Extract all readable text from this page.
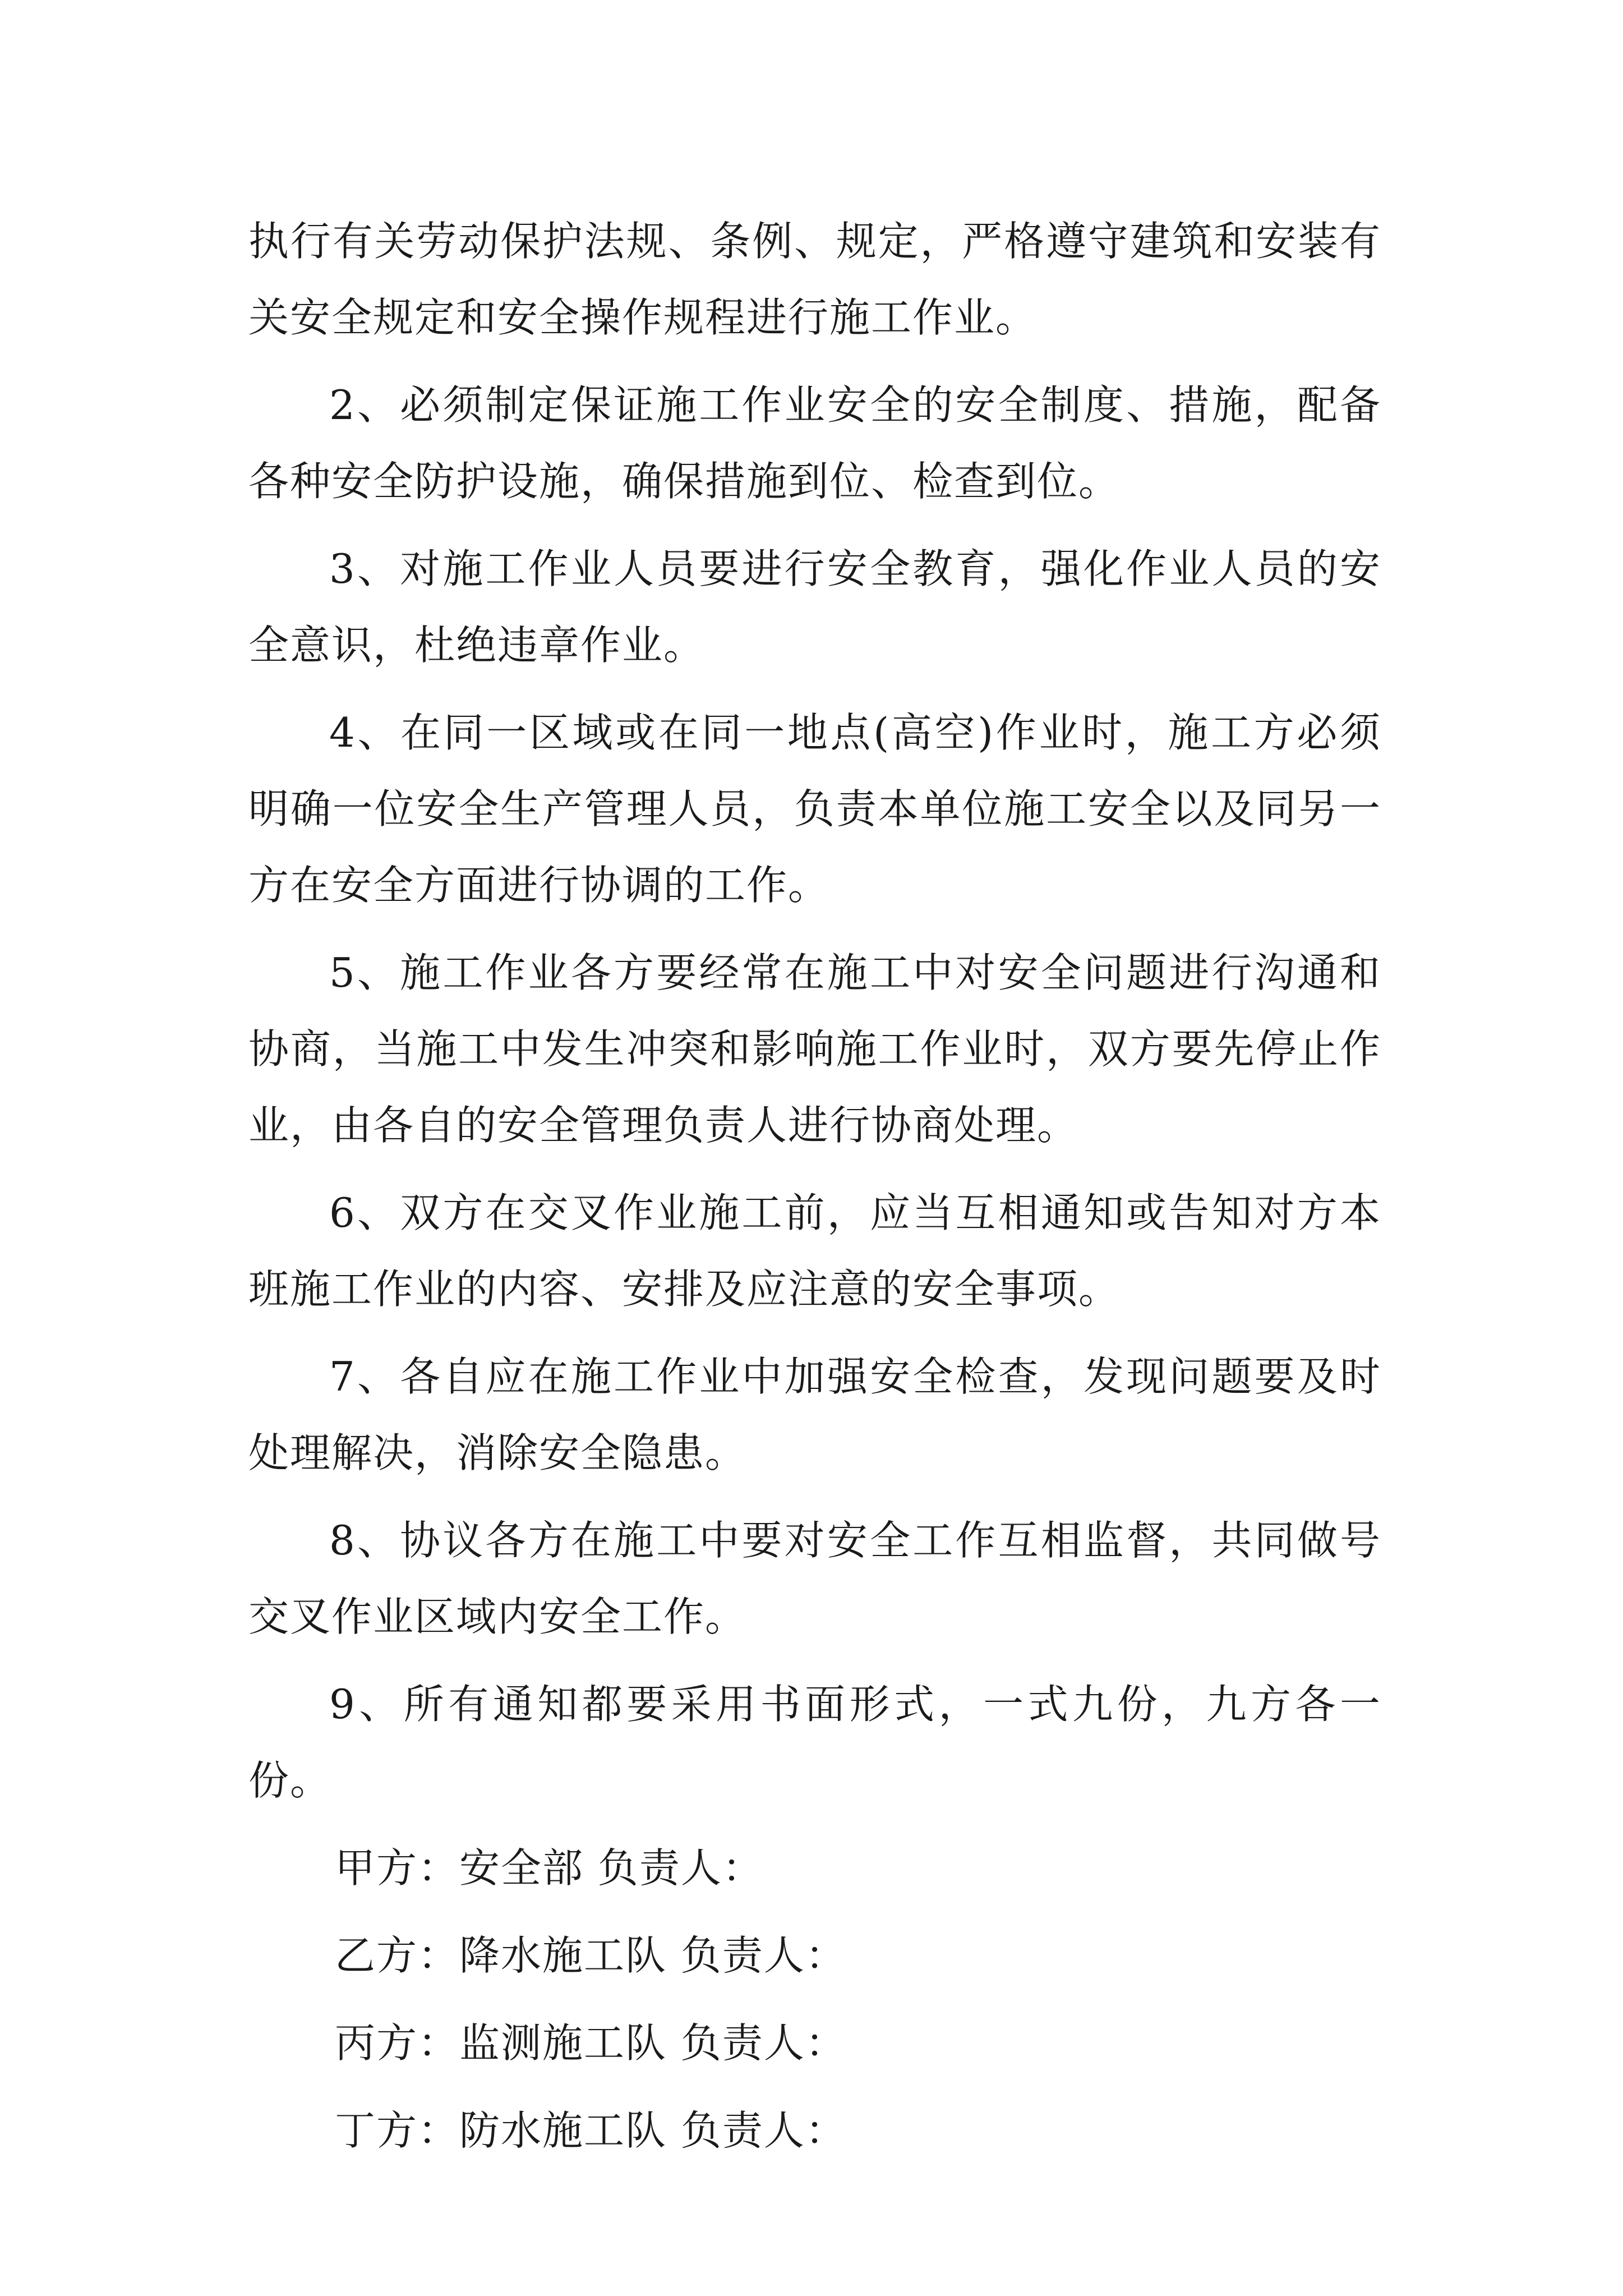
执行有关劳动保护法规、条例、规定，严格遵守建筑和安装有关安全规定和安全操作规程进行施工作业。

2、必须制定保证施工作业安全的安全制度、措施，配备各种安全防护设施，确保措施到位、检查到位。

3、对施工作业人员要进行安全教育，强化作业人员的安全意识，杜绝违章作业。

4、在同一区域或在同一地点(高空)作业时，施工方必须明确一位安全生产管理人员，负责本单位施工安全以及同另一方在安全方面进行协调的工作。

5、施工作业各方要经常在施工中对安全问题进行沟通和协商，当施工中发生冲突和影响施工作业时，双方要先停止作业，由各自的安全管理负责人进行协商处理。

6、双方在交叉作业施工前，应当互相通知或告知对方本班施工作业的内容、安排及应注意的安全事项。

7、各自应在施工作业中加强安全检查，发现问题要及时处理解决，消除安全隐患。

8、协议各方在施工中要对安全工作互相监督，共同做号交叉作业区域内安全工作。

9、所有通知都要采用书面形式，一式九份，九方各一份。

甲方：安全部 负责人：
乙方：降水施工队 负责人：
丙方：监测施工队 负责人：
丁方：防水施工队 负责人：
